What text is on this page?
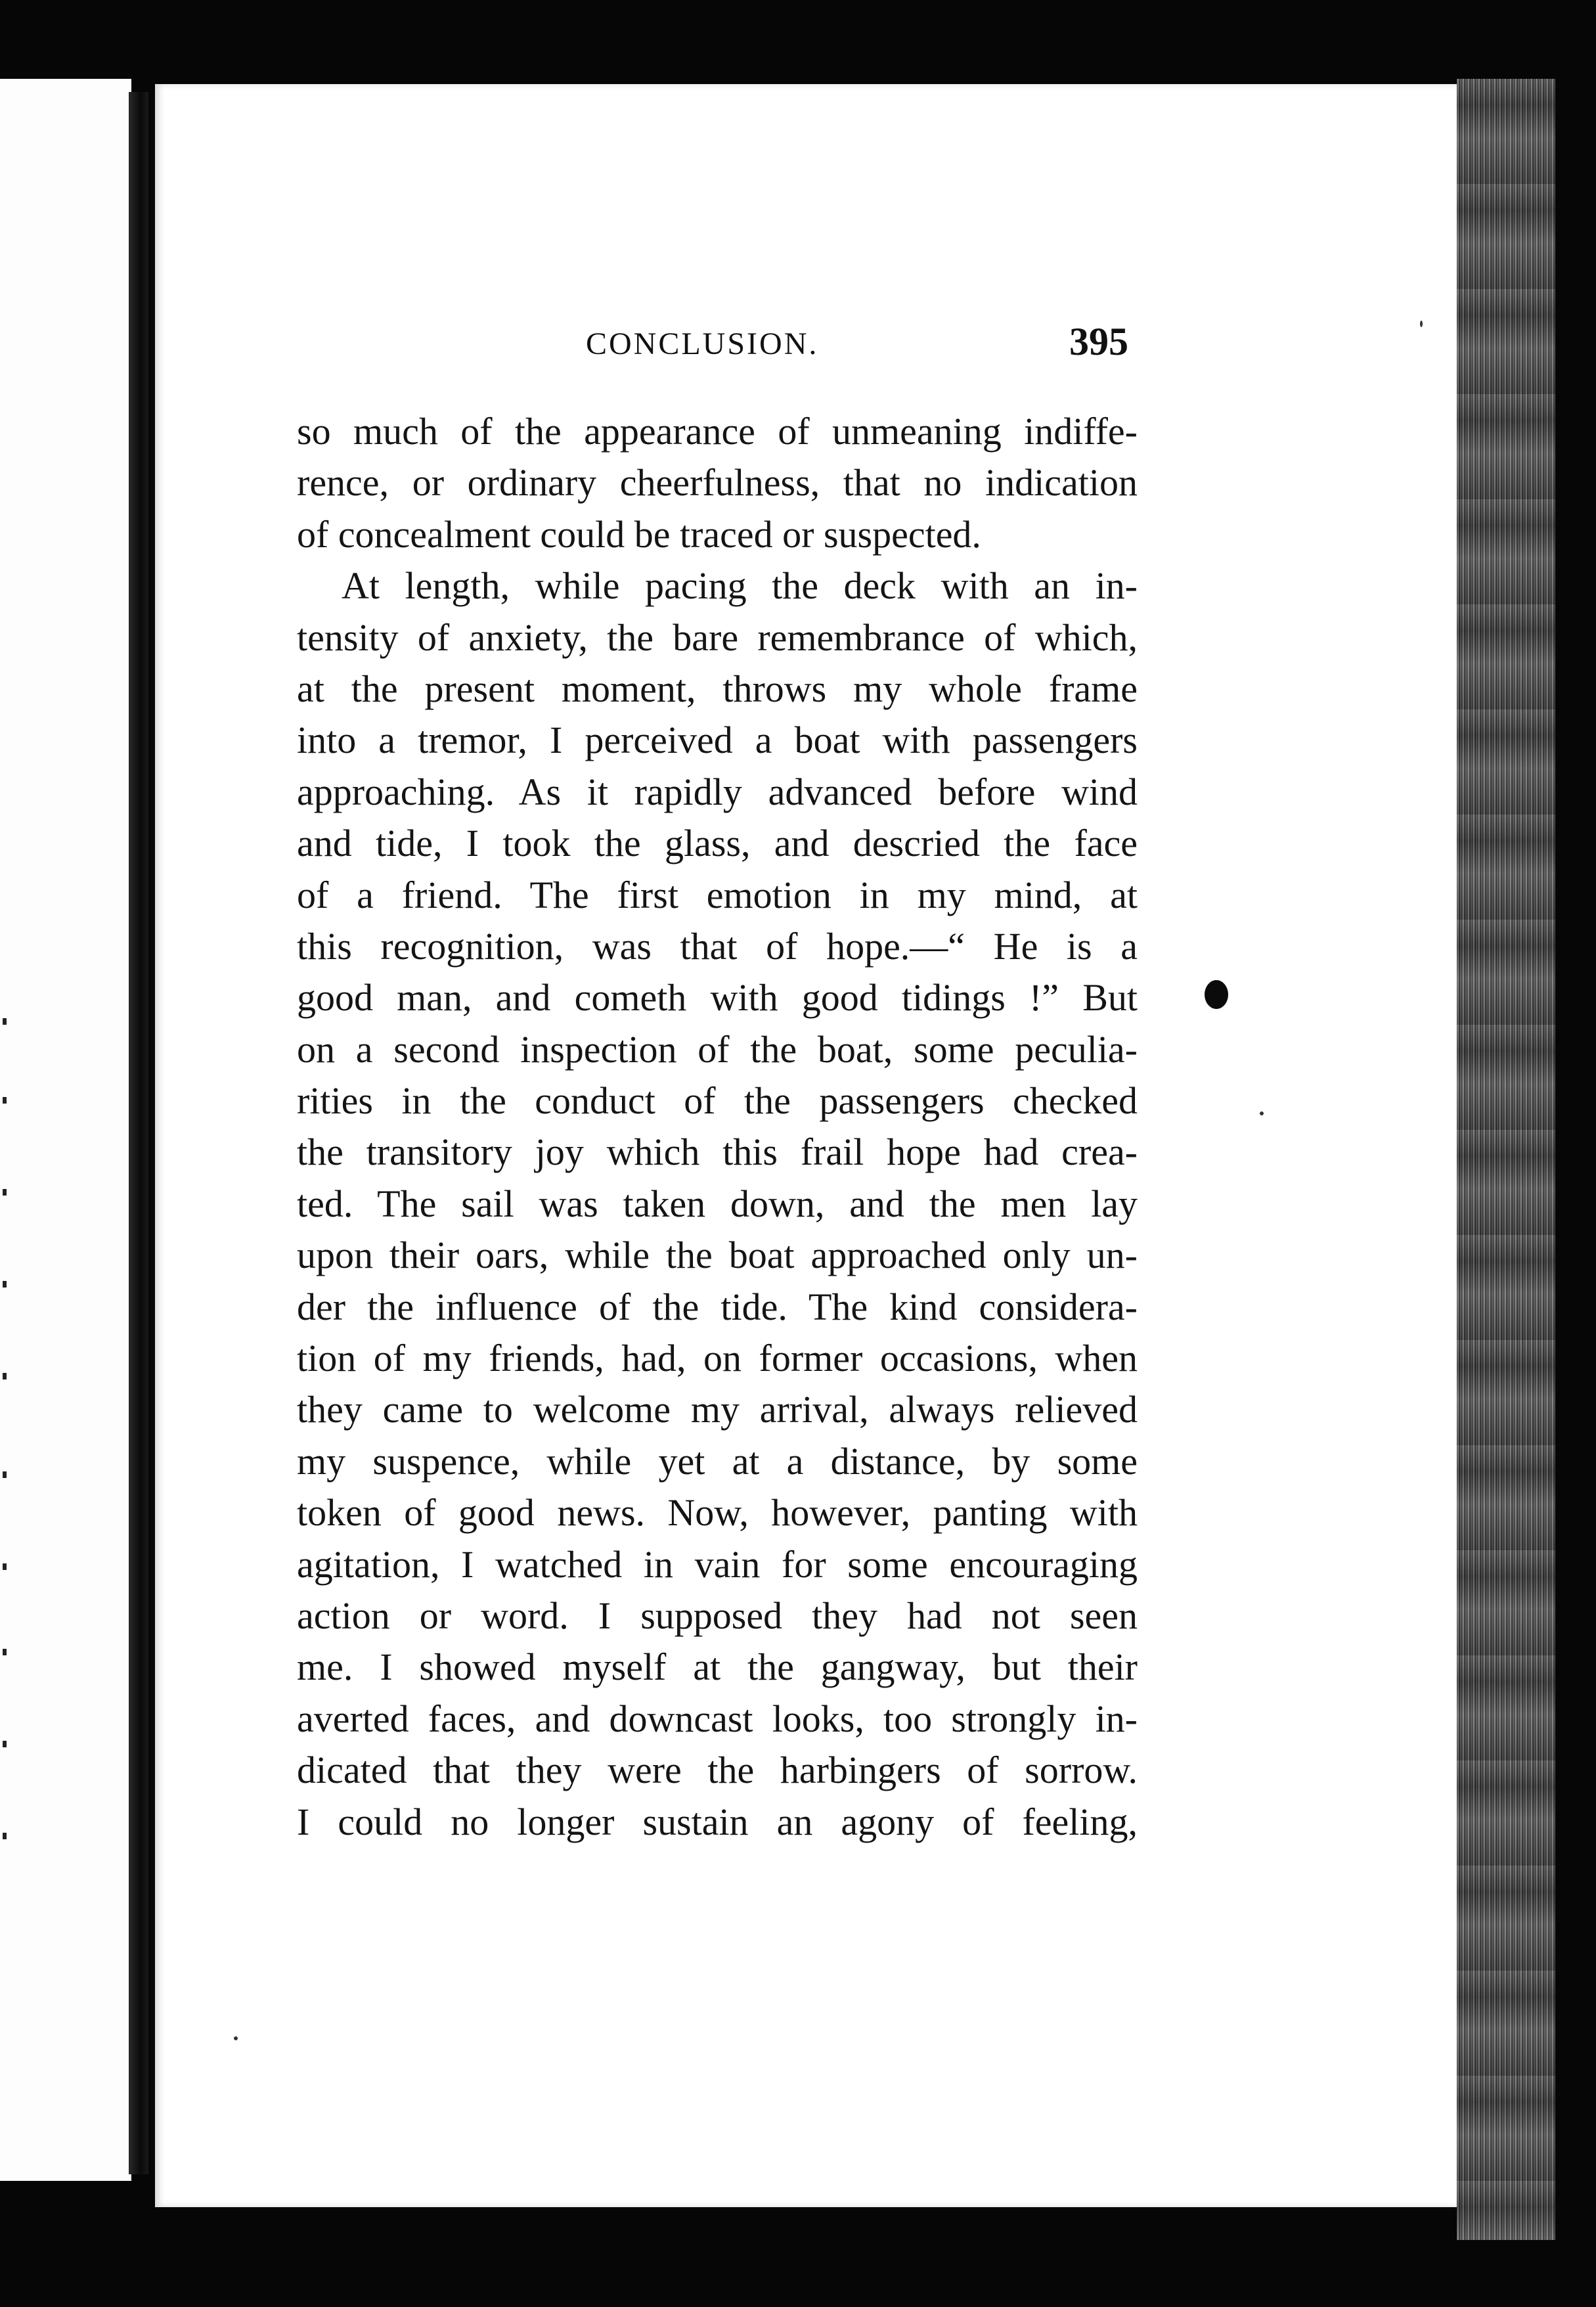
CONCLUSION.	395
so much of the appearance of unmeaning indiffe-
rence, or ordinary cheerfulness, that no indication
of concealment could be traced or suspected.
At length, while pacing the deck with an in-
tensity of anxiety, the bare remembrance of which,
at the present moment, throws my whole frame
into a tremor, I perceived a boat with passengers
approaching. As it rapidly advanced before wind
and tide, I took the glass, and descried the face
of a friend. The first emotion in my mind, at
this recognition, was that of hope.—“ He is a
good man, and cometh with good tidings !” But
on a second inspection of the boat, some peculia-
rities in the conduct of the passengers checked
the transitory joy which this frail hope had crea-
ted. The sail was taken down, and the men lay
upon their oars, while the boat approached only un-
der the influence of the tide. The kind considera-
tion of my friends, had, on former occasions, when
they came to welcome my arrival, always relieved
my suspence, while yet at a distance, by some
token of good news. Now, however, panting with
agitation, I watched in vain for some encouraging
action or word. I supposed they had not seen
me. I showed myself at the gangway, but their
averted faces, and downcast looks, too strongly in-
dicated that they were the harbingers of sorrow.
I could no longer sustain an agony of feeling,
